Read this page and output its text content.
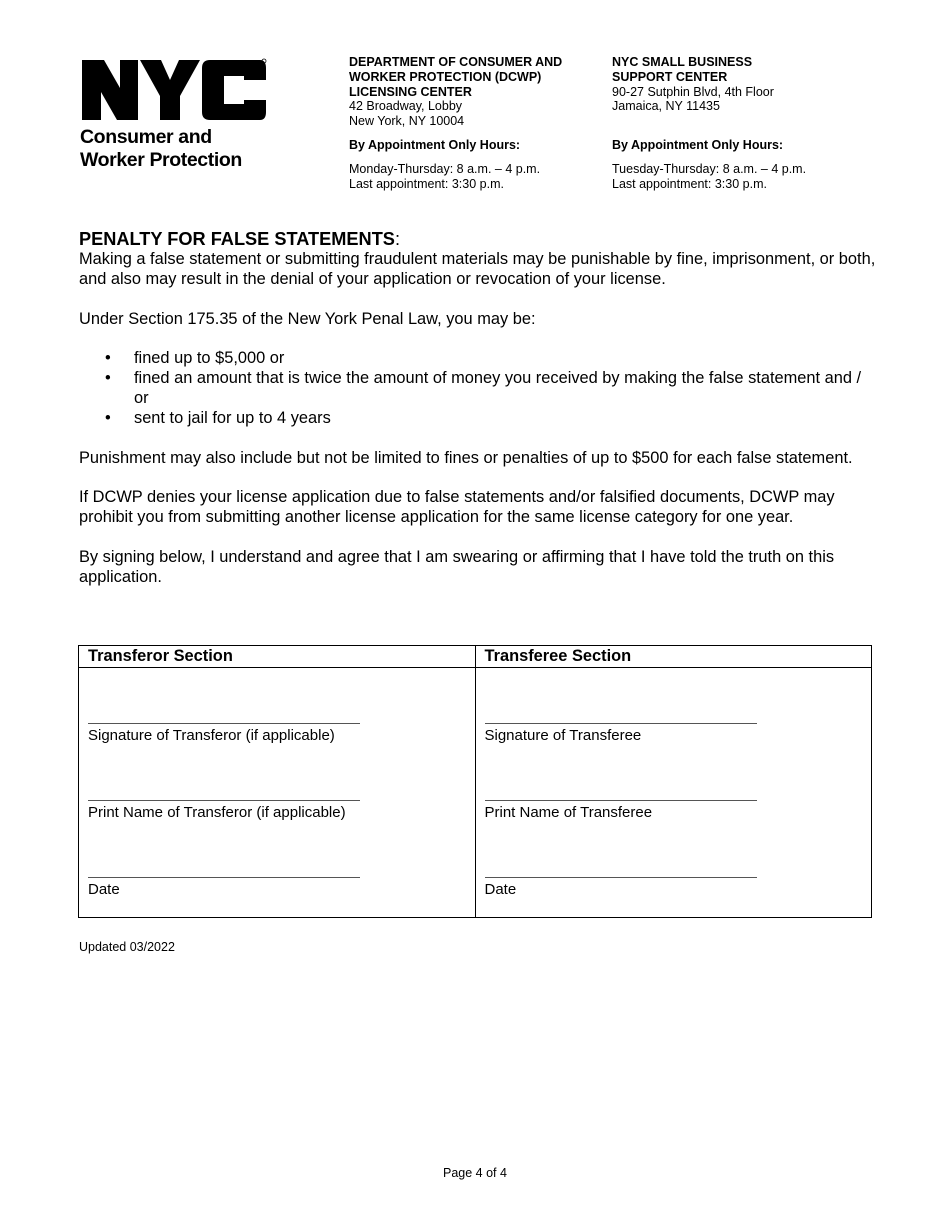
Consumer and
Worker Protection
DEPARTMENT OF CONSUMER AND
WORKER PROTECTION (DCWP)
LICENSING CENTER
42 Broadway, Lobby
New York, NY 10004
By Appointment Only Hours:
Monday-Thursday: 8 a.m. – 4 p.m.
Last appointment: 3:30 p.m.
NYC SMALL BUSINESS
SUPPORT CENTER
90-27 Sutphin Blvd, 4th Floor
Jamaica, NY 11435
By Appointment Only Hours:
Tuesday-Thursday: 8 a.m. – 4 p.m.
Last appointment: 3:30 p.m.
PENALTY FOR FALSE STATEMENTS:

Making a false statement or submitting fraudulent materials may be punishable by fine, imprisonment, or both, and also may result in the denial of your application or revocation of your license.

Under Section 175.35 of the New York Penal Law, you may be:

• fined up to $5,000 or
• fined an amount that is twice the amount of money you received by making the false statement and / or
• sent to jail for up to 4 years

Punishment may also include but not be limited to fines or penalties of up to $500 for each false statement.

If DCWP denies your license application due to false statements and/or falsified documents, DCWP may prohibit you from submitting another license application for the same license category for one year.

By signing below, I understand and agree that I am swearing or affirming that I have told the truth on this application.

Transferor Section
Signature of Transferor (if applicable)
Print Name of Transferor (if applicable)
Date
Transferee Section
Signature of Transferee
Print Name of Transferee
Date
Updated 03/2022
Page 4 of 4
